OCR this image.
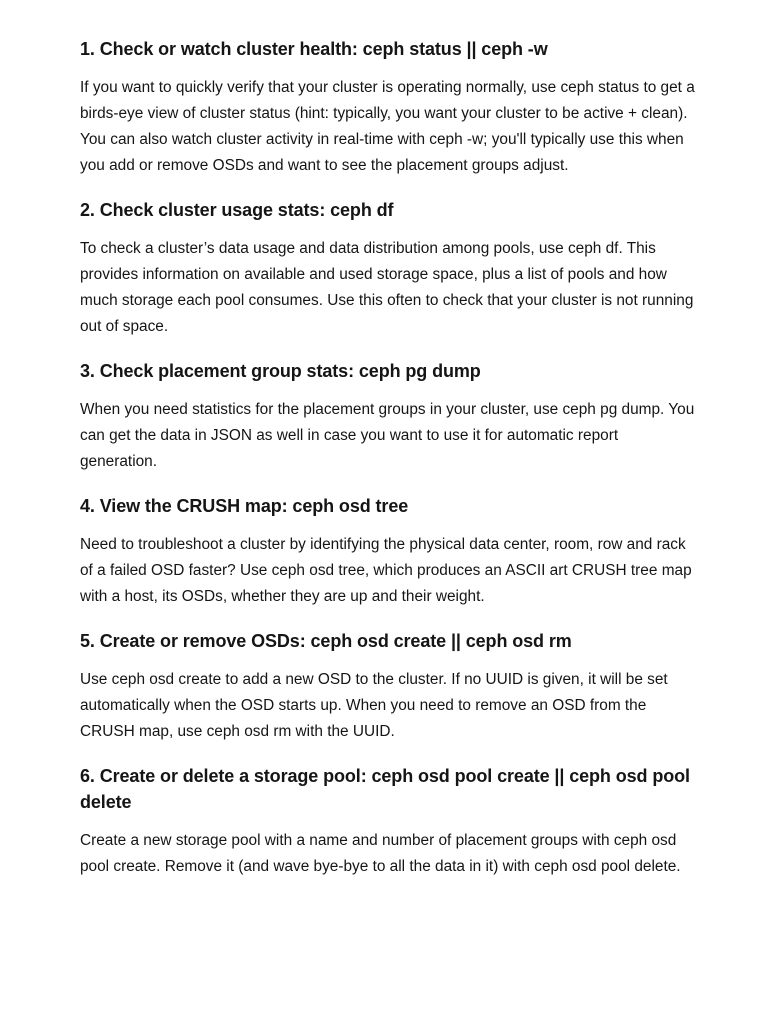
1. Check or watch cluster health: ceph status || ceph -w

If you want to quickly verify that your cluster is operating normally, use ceph status to get a birds-eye view of cluster status (hint: typically, you want your cluster to be active + clean). You can also watch cluster activity in real-time with ceph -w; you'll typically use this when you add or remove OSDs and want to see the placement groups adjust.

2. Check cluster usage stats: ceph df

To check a cluster’s data usage and data distribution among pools, use ceph df. This provides information on available and used storage space, plus a list of pools and how much storage each pool consumes. Use this often to check that your cluster is not running out of space.

3. Check placement group stats: ceph pg dump

When you need statistics for the placement groups in your cluster, use ceph pg dump. You can get the data in JSON as well in case you want to use it for automatic report generation.

4. View the CRUSH map: ceph osd tree

Need to troubleshoot a cluster by identifying the physical data center, room, row and rack of a failed OSD faster? Use ceph osd tree, which produces an ASCII art CRUSH tree map with a host, its OSDs, whether they are up and their weight.

5. Create or remove OSDs: ceph osd create || ceph osd rm

Use ceph osd create to add a new OSD to the cluster. If no UUID is given, it will be set automatically when the OSD starts up. When you need to remove an OSD from the CRUSH map, use ceph osd rm with the UUID.

6. Create or delete a storage pool: ceph osd pool create || ceph osd pool delete

Create a new storage pool with a name and number of placement groups with ceph osd pool create. Remove it (and wave bye-bye to all the data in it) with ceph osd pool delete.
